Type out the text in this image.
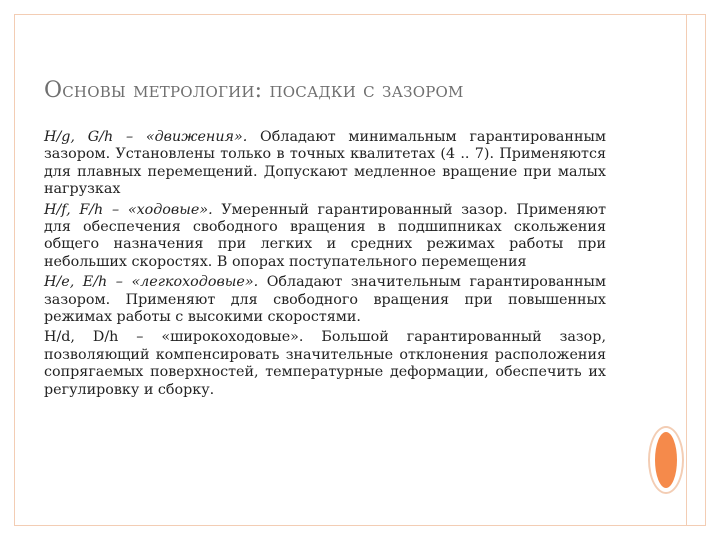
Основы метрологии: посадки с зазором

H/g, G/h – «движения». Обладают минимальным гарантированным зазором. Установлены только в точных квалитетах (4 .. 7). Применяются для плавных перемещений. Допускают медленное вращение при малых нагрузках

H/f, F/h – «ходовые». Умеренный гарантированный зазор. Применяют для обеспечения свободного вращения в подшипниках скольжения общего назначения при легких и средних режимах работы при небольших скоростях. В опорах поступательного перемещения

H/e, E/h – «легкоходовые». Обладают значительным гарантированным зазором. Применяют для свободного вращения при повышенных режимах работы с высокими скоростями.

H/d, D/h – «широкоходовые». Большой гарантированный зазор, позволяющий компенсировать значительные отклонения расположения сопрягаемых поверхностей, температурные деформации, обеспечить их регулировку и сборку.
